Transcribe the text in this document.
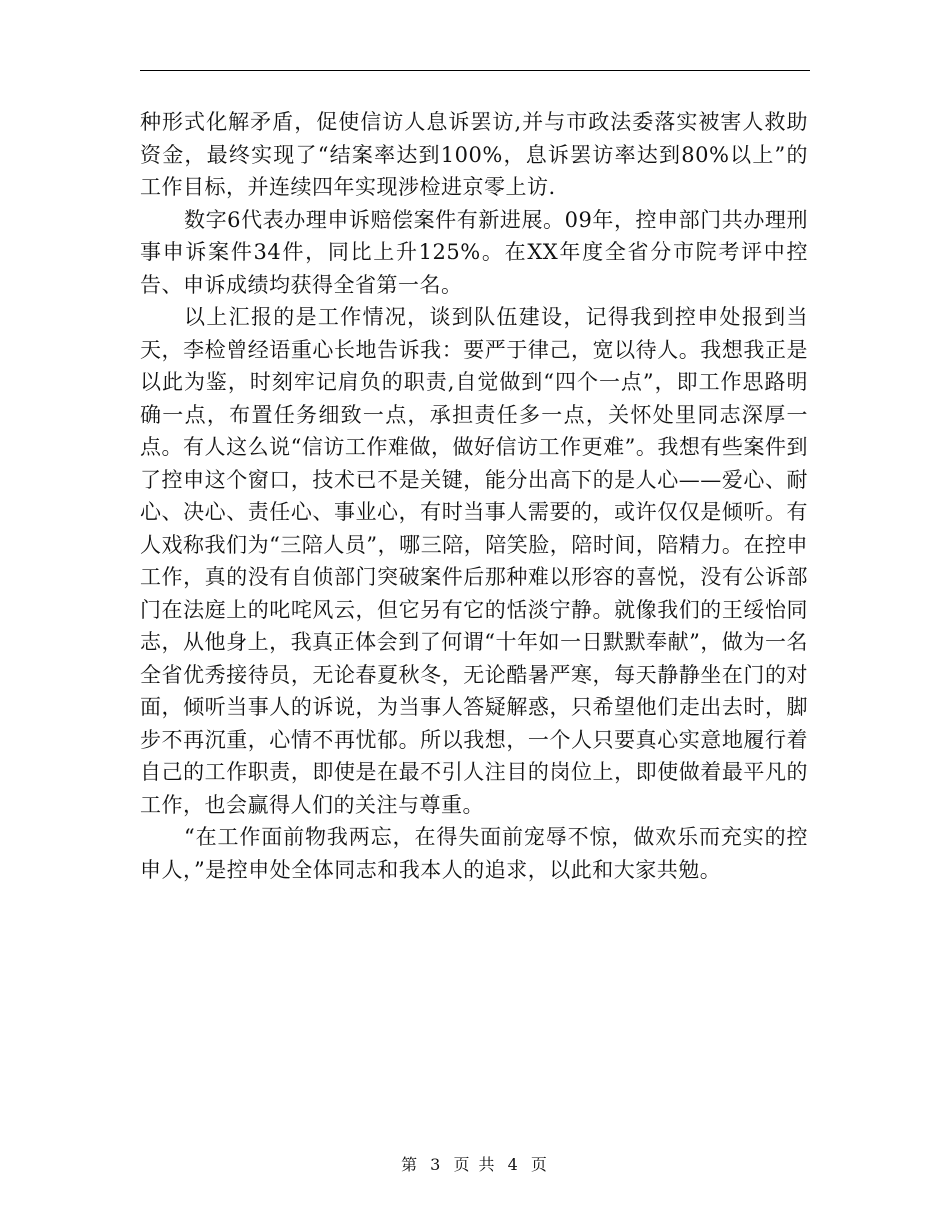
种形式化解矛盾，促使信访人息诉罢访,并与市政法委落实被害人救助资金，最终实现了“结案率达到100%，息诉罢访率达到80%以上”的工作目标，并连续四年实现涉检进京零上访.

数字6代表办理申诉赔偿案件有新进展。09年，控申部门共办理刑事申诉案件34件，同比上升125%。在XX年度全省分市院考评中控告、申诉成绩均获得全省第一名。

以上汇报的是工作情况，谈到队伍建设，记得我到控申处报到当天，李检曾经语重心长地告诉我：要严于律己，宽以待人。我想我正是以此为鉴，时刻牢记肩负的职责,自觉做到“四个一点”，即工作思路明确一点，布置任务细致一点，承担责任多一点，关怀处里同志深厚一点。有人这么说“信访工作难做，做好信访工作更难”。我想有些案件到了控申这个窗口，技术已不是关键，能分出高下的是人心——爱心、耐心、决心、责任心、事业心，有时当事人需要的，或许仅仅是倾听。有人戏称我们为“三陪人员”，哪三陪，陪笑脸，陪时间，陪精力。在控申工作，真的没有自侦部门突破案件后那种难以形容的喜悦，没有公诉部门在法庭上的叱咤风云，但它另有它的恬淡宁静。就像我们的王绥怡同志，从他身上，我真正体会到了何谓“十年如一日默默奉献”，做为一名全省优秀接待员，无论春夏秋冬，无论酷暑严寒，每天静静坐在门的对面，倾听当事人的诉说，为当事人答疑解惑，只希望他们走出去时，脚步不再沉重，心情不再忧郁。所以我想，一个人只要真心实意地履行着自己的工作职责，即使是在最不引人注目的岗位上，即使做着最平凡的工作，也会赢得人们的关注与尊重。

“在工作面前物我两忘，在得失面前宠辱不惊，做欢乐而充实的控申人，”是控申处全体同志和我本人的追求，以此和大家共勉。

第 3 页 共 4 页
